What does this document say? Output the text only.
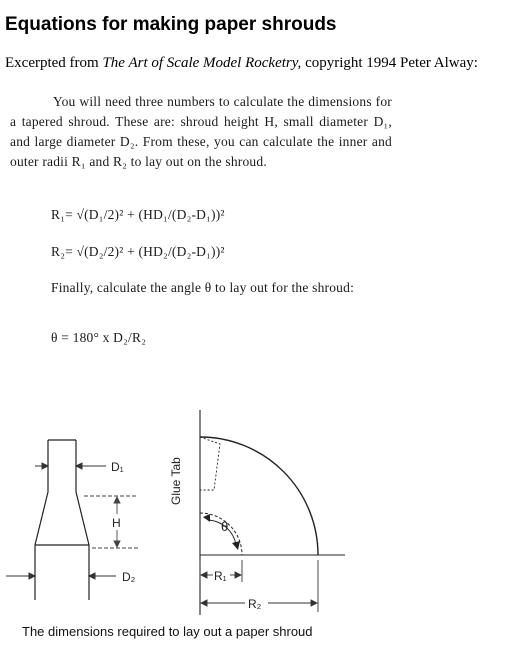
Equations for making paper shrouds
Excerpted from The Art of Scale Model Rocketry, copyright 1994 Peter Alway:
You will need three numbers to calculate the dimensions for a tapered shroud. These are: shroud height H, small diameter D₁, and large diameter D₂. From these, you can calculate the inner and outer radii R₁ and R₂ to lay out on the shroud.
R₁= √(D₁/2)² + (HD₁/(D₂-D₁))²
R₂= √(D₂/2)² + (HD₂/(D₂-D₁))²
Finally, calculate the angle θ to lay out for the shroud:
θ = 180° x D₂/R₂
D₁
H
D₂
Glue Tab
θ
R₁
R₂
The dimensions required to lay out a paper shroud
